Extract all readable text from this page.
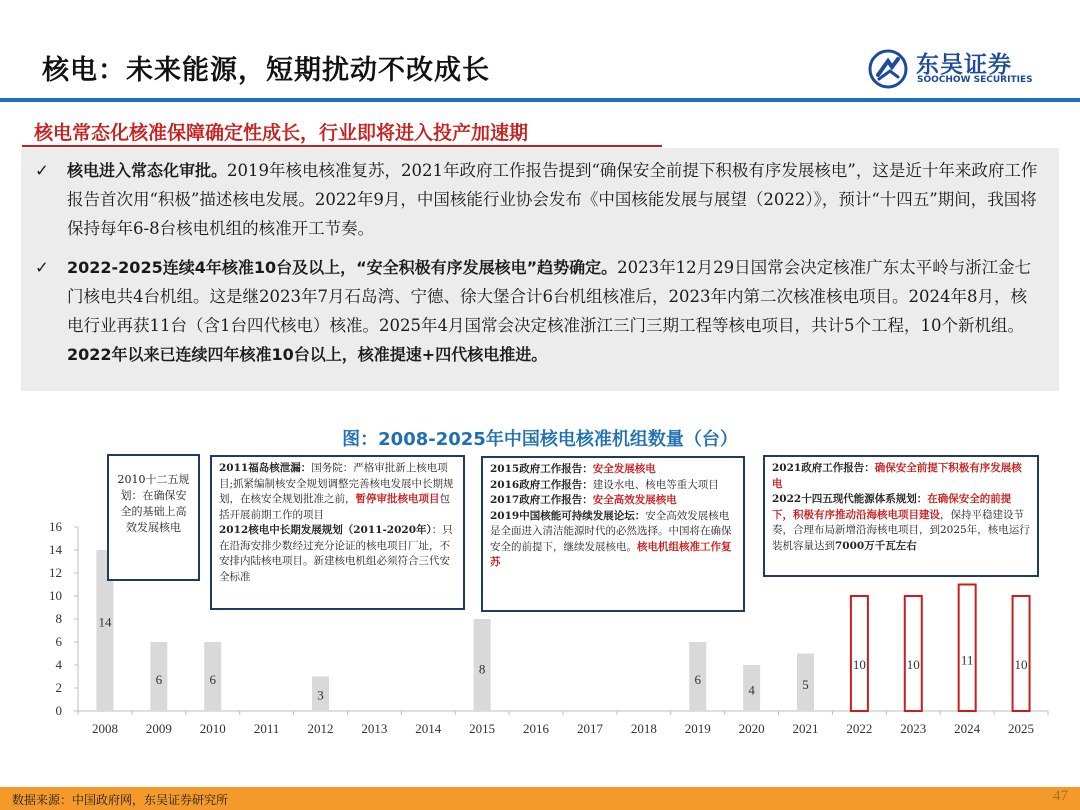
核电：未来能源，短期扰动不改成长	东吴证券
SOOCHOW SECURITIES
核电常态化核准保障确定性成长，行业即将进入投产加速期
✓ 核电进入常态化审批。2019年核电核准复苏，2021年政府工作报告提到“确保安全前提下积极有序发展核电”，这是近十年来政府工作报告首次用“积极”描述核电发展。2022年9月，中国核能行业协会发布《中国核能发展与展望（2022）》，预计“十四五”期间，我国将保持每年6-8台核电机组的核准开工节奏。
✓ 2022-2025连续4年核准10台及以上，“安全积极有序发展核电”趋势确定。2023年12月29日国常会决定核准广东太平岭与浙江金七门核电共4台机组。这是继2023年7月石岛湾、宁德、徐大堡合计6台机组核准后，2023年内第二次核准核电项目。2024年8月，核电行业再获11台（含1台四代核电）核准。2025年4月国常会决定核准浙江三门三期工程等核电项目，共计5个工程，10个新机组。2022年以来已连续四年核准10台以上，核准提速+四代核电推进。
图：2008-2025年中国核电核准机组数量（台）
0
2
4
6
8
10
12
14
16
14
2008
6
2009
6
2010 2011
3
2012 2013 2014
8
2015 2016 2017 2018
6
2019
4
2020
5
2021
10
2022
10
2023
11
2024
10
2025
2010十二五规划：在确保安全的基础上高效发展核电
2011福岛核泄漏：国务院：严格审批新上核电项目;抓紧编制核安全规划调整完善核电发展中长期规划，在核安全规划批准之前，暂停审批核电项目包括开展前期工作的项目
2012核电中长期发展规划（2011-2020年）：只在沿海安排少数经过充分论证的核电项目厂址，不安排内陆核电项目。新建核电机组必须符合三代安全标准
2015政府工作报告：安全发展核电
2016政府工作报告：建设水电、核电等重大项目
2017政府工作报告：安全高效发展核电
2019中国核能可持续发展论坛：安全高效发展核电是全面进入清洁能源时代的必然选择。中国将在确保安全的前提下，继续发展核电。核电机组核准工作复苏
2021政府工作报告：确保安全前提下积极有序发展核电
2022十四五现代能源体系规划：在确保安全的前提下，积极有序推动沿海核电项目建设，保持平稳建设节奏，合理布局新增沿海核电项目，到2025年，核电运行装机容量达到7000万千瓦左右
数据来源：中国政府网，东吴证券研究所	47
